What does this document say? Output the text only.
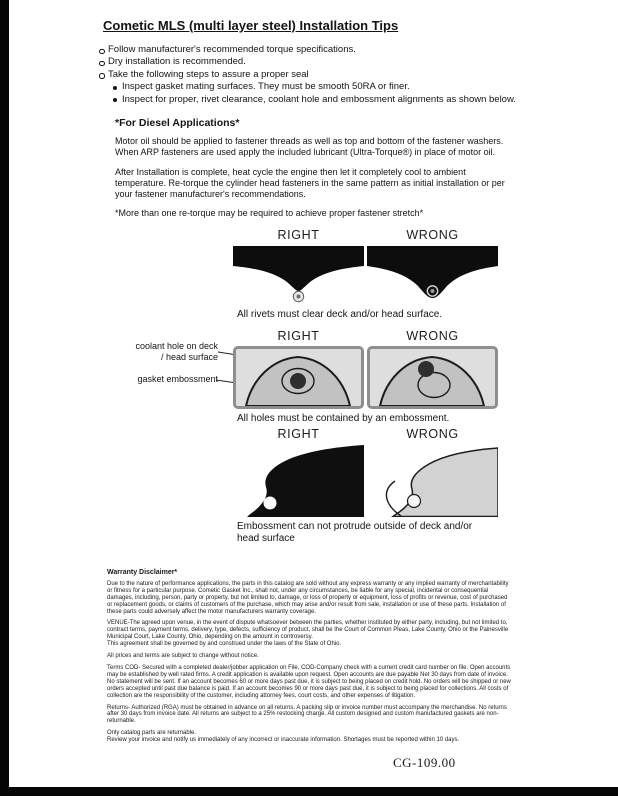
Cometic MLS (multi layer steel) Installation Tips
Follow manufacturer's recommended torque specifications.
Dry installation is recommended.
Take the following steps to assure a proper seal
Inspect gasket mating surfaces. They must be smooth 50RA or finer.
Inspect for proper, rivet clearance, coolant hole and embossment alignments as shown below.
*For Diesel Applications*
Motor oil should be applied to fastener threads as well as top and bottom of the fastener washers. When ARP fasteners are used apply the included lubricant (Ultra-Torque®) in place of motor oil.
After Installation is complete, heat cycle the engine then let it completely cool to ambient temperature. Re-torque the cylinder head fasteners in the same pattern as initial installation or per your fastener manufacturer's recommendations.
*More than one re-torque may be required to achieve proper fastener stretch*
RIGHT	WRONG
All rivets must clear deck and/or head surface.
RIGHT	WRONG
coolant hole on deck / head surface
gasket embossment
All holes must be contained by an embossment.
RIGHT	WRONG
Embossment can not protrude outside of deck and/or head surface
Warranty Disclaimer*

Due to the nature of performance applications, the parts in this catalog are sold without any express warranty or any implied warranty of merchantability or fitness for a particular purpose. Cometic Gasket Inc., shall not, under any circumstances, be liable for any special, incidental or consequential damages, including, person, party or property, but not limited to, damage, or loss of property or equipment, loss of profits or revenue, cost of purchased or replacement goods, or claims of customers of the purchase, which may arise and/or result from sale, installation or use of these parts. Installation of these parts could adversely affect the motor manufacturers warranty coverage.

VENUE-The agreed upon venue, in the event of dispute whatsoever between the parties, whether instituted by either party, including, but not limited to, contract terms, payment terms, delivery, type, defects, sufficiency of product, shall be the Court of Common Pleas, Lake County, Ohio or the Painesville Municipal Court, Lake County, Ohio, depending on the amount in controversy.

This agreement shall be governed by and construed under the laws of the State of Ohio.

All prices and terms are subject to change without notice.

Terms COD- Secured with a completed dealer/jobber application on File, COD-Company check with a current credit card number on file. Open accounts may be established by well rated firms. A credit application is available upon request. Open accounts are due payable Net 30 days from date of invoice. No statement will be sent. If an account becomes 60 or more days past due, it is subject to being placed on credit hold. No orders will be shipped or new orders accepted until past due balance is paid. If an account becomes 90 or more days past due, it is subject to being placed for collections. All costs of collection are the responsibility of the customer, including attorney fees, court costs, and other expenses of litigation.

Returns- Authorized (RGA) must be obtained in advance on all returns. A packing slip or invoice number must accompany the merchandise. No returns after 30 days from invoice date. All returns are subject to a 25% restocking charge. All custom designed and custom manufactured gaskets are non-returnable.

Only catalog parts are returnable.

Review your invoice and notify us immediately of any incorrect or inaccurate information. Shortages must be reported within 10 days.

CG-109.00
